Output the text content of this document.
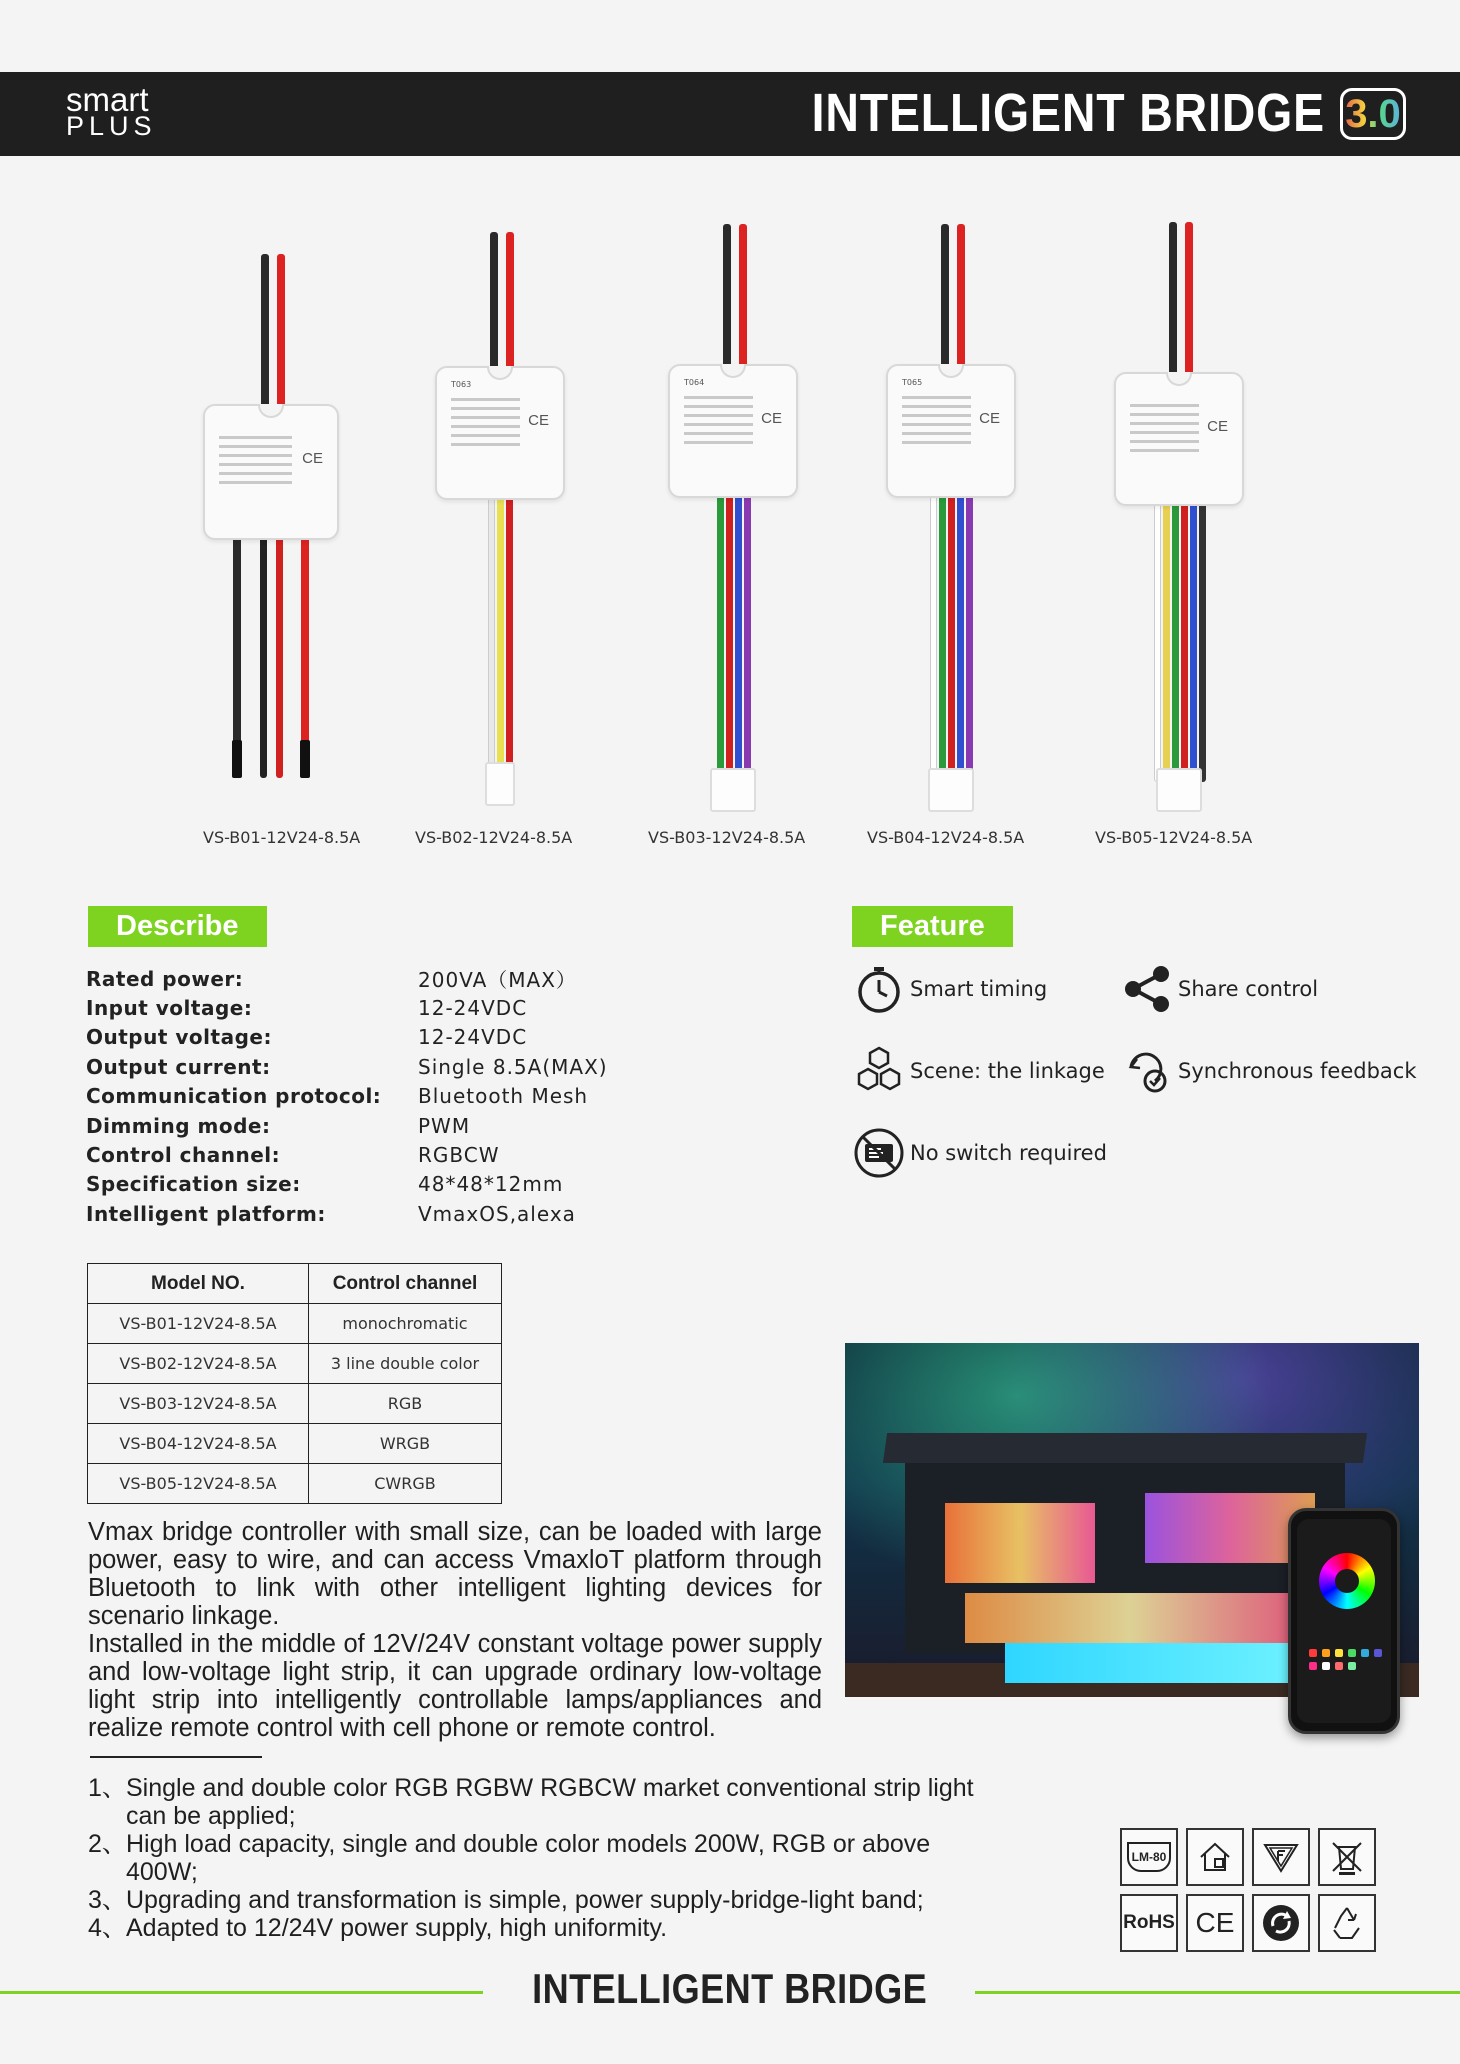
smart
PLUS	INTELLIGENT BRIDGE 3.0
CE
VS-B01-12V24-8.5A
CE
T063
VS-B02-12V24-8.5A
CE
T064
VS-B03-12V24-8.5A
CE
T065
VS-B04-12V24-8.5A
CE
VS-B05-12V24-8.5A
Describe
Rated power:	200VA（MAX）
Input voltage:	12-24VDC
Output voltage:	12-24VDC
Output current:	Single 8.5A(MAX)
Communication protocol:	Bluetooth Mesh
Dimming mode:	PWM
Control channel:	RGBCW
Specification size:	48*48*12mm
Intelligent platform:	VmaxOS,alexa
Feature
Smart timing	Share control
Scene: the linkage	Synchronous feedback
No switch required
Model NO.	Control channel
VS-B01-12V24-8.5A	monochromatic
VS-B02-12V24-8.5A	3 line double color
VS-B03-12V24-8.5A	RGB
VS-B04-12V24-8.5A	WRGB
VS-B05-12V24-8.5A	CWRGB

Vmax bridge controller with small size, can be loaded with large power, easy to wire, and can access VmaxloT platform through Bluetooth to link with other intelligent lighting devices for scenario linkage.

Installed in the middle of 12V/24V constant voltage power supply and low-voltage light strip, it can upgrade ordinary low-voltage light strip into intelligently controllable lamps/appliances and realize remote control with cell phone or remote control.

1、 Single and double color RGB RGBW RGBCW market conventional strip light can be applied;
2、 High load capacity, single and double color models 200W, RGB or above 400W;
3、 Upgrading and transformation is simple, power supply-bridge-light band;
4、 Adapted to 12/24V power supply, high uniformity.
LM-80
RoHS CE
INTELLIGENT BRIDGE
